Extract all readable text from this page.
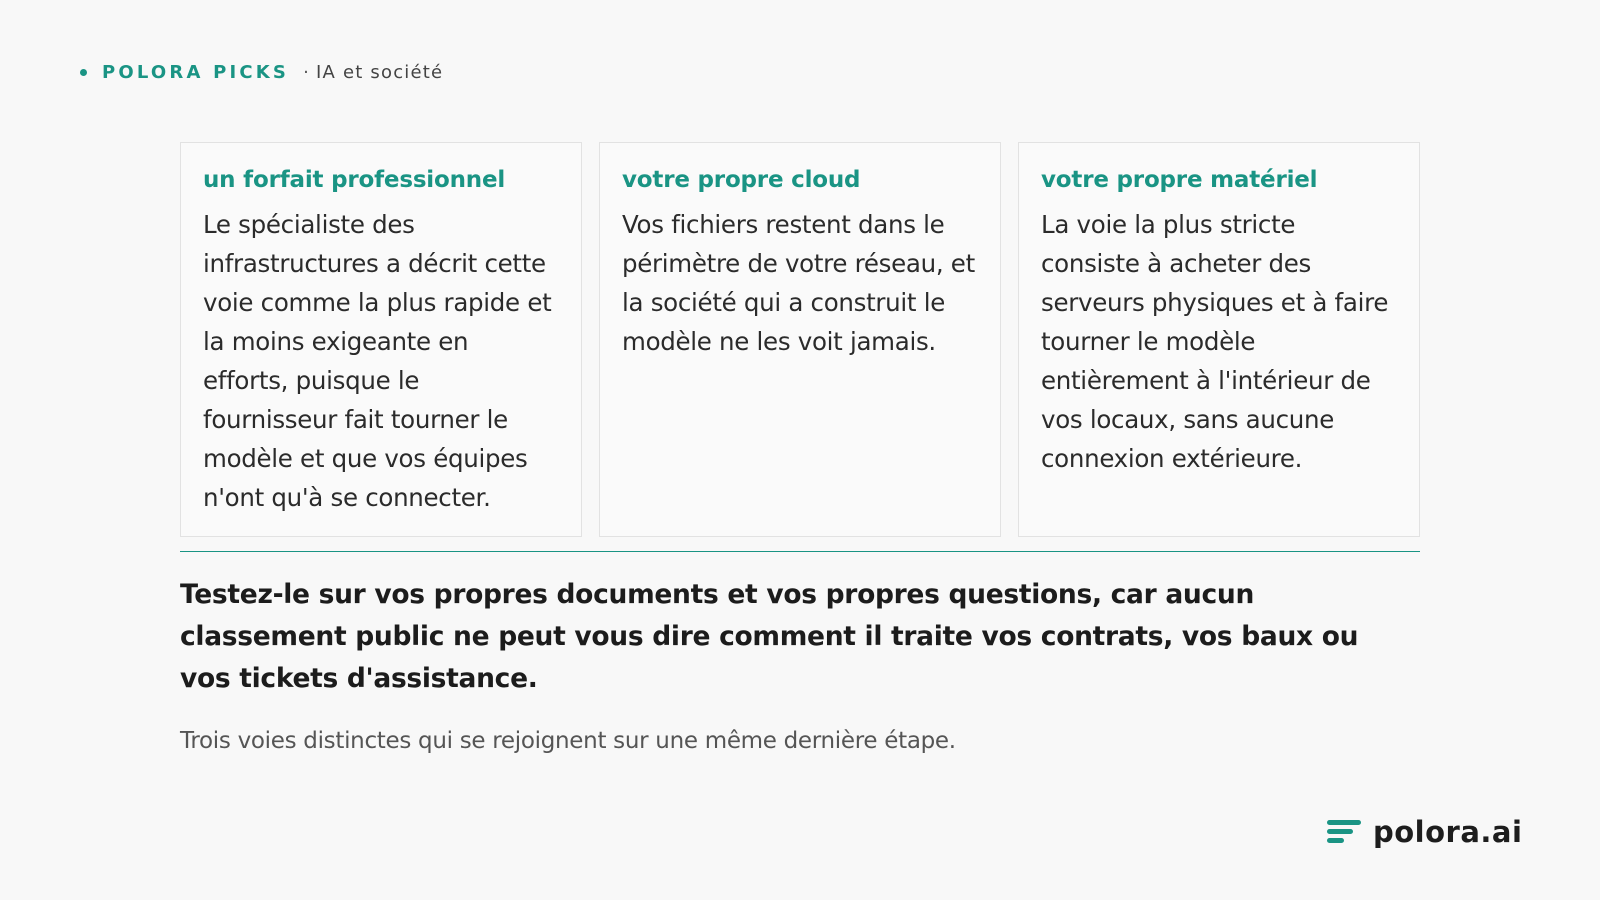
POLORA PICKS · IA et société
un forfait professionnel
Le spécialiste des infrastructures a décrit cette voie comme la plus rapide et la moins exigeante en efforts, puisque le fournisseur fait tourner le modèle et que vos équipes n'ont qu'à se connecter.
votre propre cloud
Vos fichiers restent dans le périmètre de votre réseau, et la société qui a construit le modèle ne les voit jamais.
votre propre matériel
La voie la plus stricte consiste à acheter des serveurs physiques et à faire tourner le modèle entièrement à l'intérieur de vos locaux, sans aucune connexion extérieure.
Testez-le sur vos propres documents et vos propres questions, car aucun classement public ne peut vous dire comment il traite vos contrats, vos baux ou vos tickets d'assistance.
Trois voies distinctes qui se rejoignent sur une même dernière étape.
polora.ai
